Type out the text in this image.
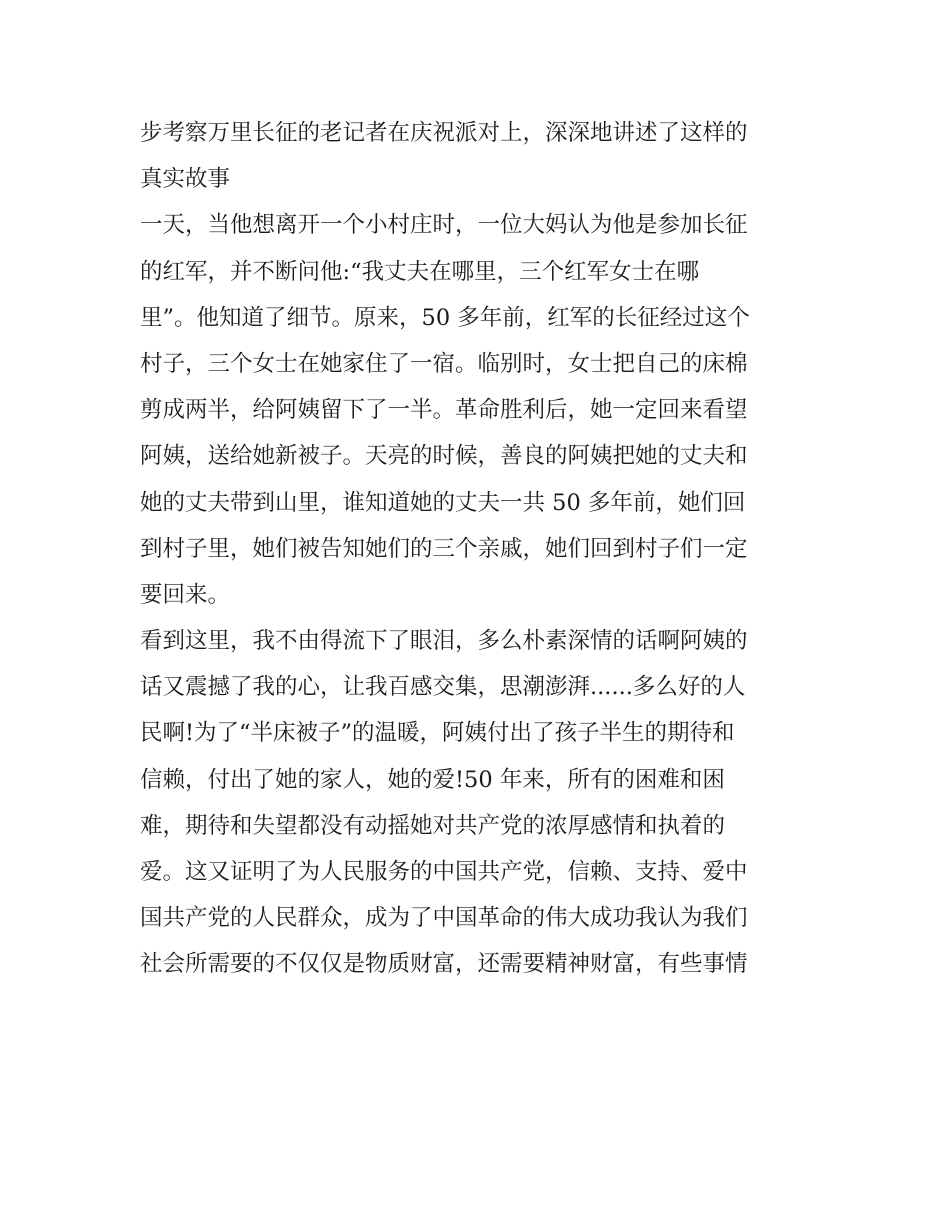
步考察万里长征的老记者在庆祝派对上，深深地讲述了这样的
真实故事
一天，当他想离开一个小村庄时，一位大妈认为他是参加长征
的红军，并不断问他:“我丈夫在哪里，三个红军女士在哪
里”。他知道了细节。原来，50 多年前，红军的长征经过这个
村子，三个女士在她家住了一宿。临别时，女士把自己的床棉
剪成两半，给阿姨留下了一半。革命胜利后，她一定回来看望
阿姨，送给她新被子。天亮的时候，善良的阿姨把她的丈夫和
她的丈夫带到山里，谁知道她的丈夫一共 50 多年前，她们回
到村子里，她们被告知她们的三个亲戚，她们回到村子们一定
要回来。
看到这里，我不由得流下了眼泪，多么朴素深情的话啊阿姨的
话又震撼了我的心，让我百感交集，思潮澎湃......多么好的人
民啊!为了“半床被子”的温暖，阿姨付出了孩子半生的期待和
信赖，付出了她的家人，她的爱!50 年来，所有的困难和困
难，期待和失望都没有动摇她对共产党的浓厚感情和执着的
爱。这又证明了为人民服务的中国共产党，信赖、支持、爱中
国共产党的人民群众，成为了中国革命的伟大成功我认为我们
社会所需要的不仅仅是物质财富，还需要精神财富，有些事情
